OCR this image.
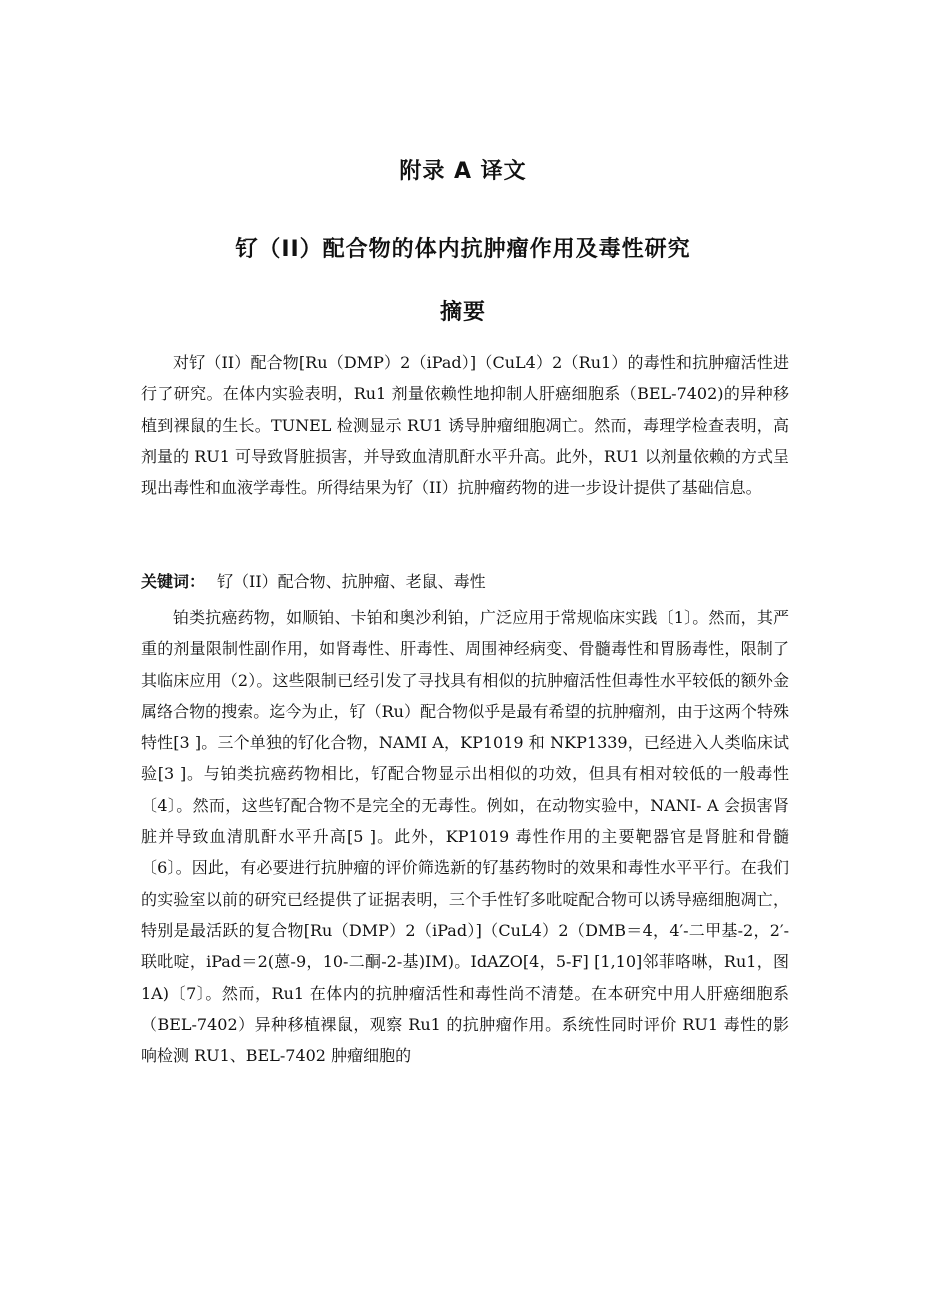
附录 A 译文
钌（II）配合物的体内抗肿瘤作用及毒性研究
摘要

对钌（II）配合物[Ru（DMP）2（iPad）]（CuL4）2（Ru1）的毒性和抗肿瘤活性进行了研究。在体内实验表明，Ru1 剂量依赖性地抑制人肝癌细胞系（BEL-7402)的异种移植到裸鼠的生长。TUNEL 检测显示 RU1 诱导肿瘤细胞凋亡。然而，毒理学检查表明，高剂量的 RU1 可导致肾脏损害，并导致血清肌酐水平升高。此外，RU1 以剂量依赖的方式呈现出毒性和血液学毒性。所得结果为钌（II）抗肿瘤药物的进一步设计提供了基础信息。

关键词： 钌（II）配合物、抗肿瘤、老鼠、毒性

铂类抗癌药物，如顺铂、卡铂和奥沙利铂，广泛应用于常规临床实践〔1〕。然而，其严重的剂量限制性副作用，如肾毒性、肝毒性、周围神经病变、骨髓毒性和胃肠毒性，限制了其临床应用（2）。这些限制已经引发了寻找具有相似的抗肿瘤活性但毒性水平较低的额外金属络合物的搜索。迄今为止，钌（Ru）配合物似乎是最有希望的抗肿瘤剂，由于这两个特殊特性[3 ]。三个单独的钌化合物，NAMI A，KP1019 和 NKP1339，已经进入人类临床试验[3 ]。与铂类抗癌药物相比，钌配合物显示出相似的功效，但具有相对较低的一般毒性〔4〕。然而，这些钌配合物不是完全的无毒性。例如，在动物实验中，NANI- A 会损害肾脏并导致血清肌酐水平升高[5 ]。此外，KP1019 毒性作用的主要靶器官是肾脏和骨髓〔6〕。因此，有必要进行抗肿瘤的评价筛选新的钌基药物时的效果和毒性水平平行。在我们的实验室以前的研究已经提供了证据表明，三个手性钌多吡啶配合物可以诱导癌细胞凋亡，特别是最活跃的复合物[Ru（DMP）2（iPad）]（CuL4）2（DMB＝4，4′-二甲基-2，2′-联吡啶，iPad＝2(蒽-9，10-二酮-2-基)IM)。IdAZO[4，5-F] [1,10]邻菲咯啉，Ru1，图 1A)〔7〕。然而，Ru1 在体内的抗肿瘤活性和毒性尚不清楚。在本研究中用人肝癌细胞系（BEL-7402）异种移植裸鼠，观察 Ru1 的抗肿瘤作用。系统性同时评价 RU1 毒性的影响检测 RU1、BEL-7402 肿瘤细胞的
